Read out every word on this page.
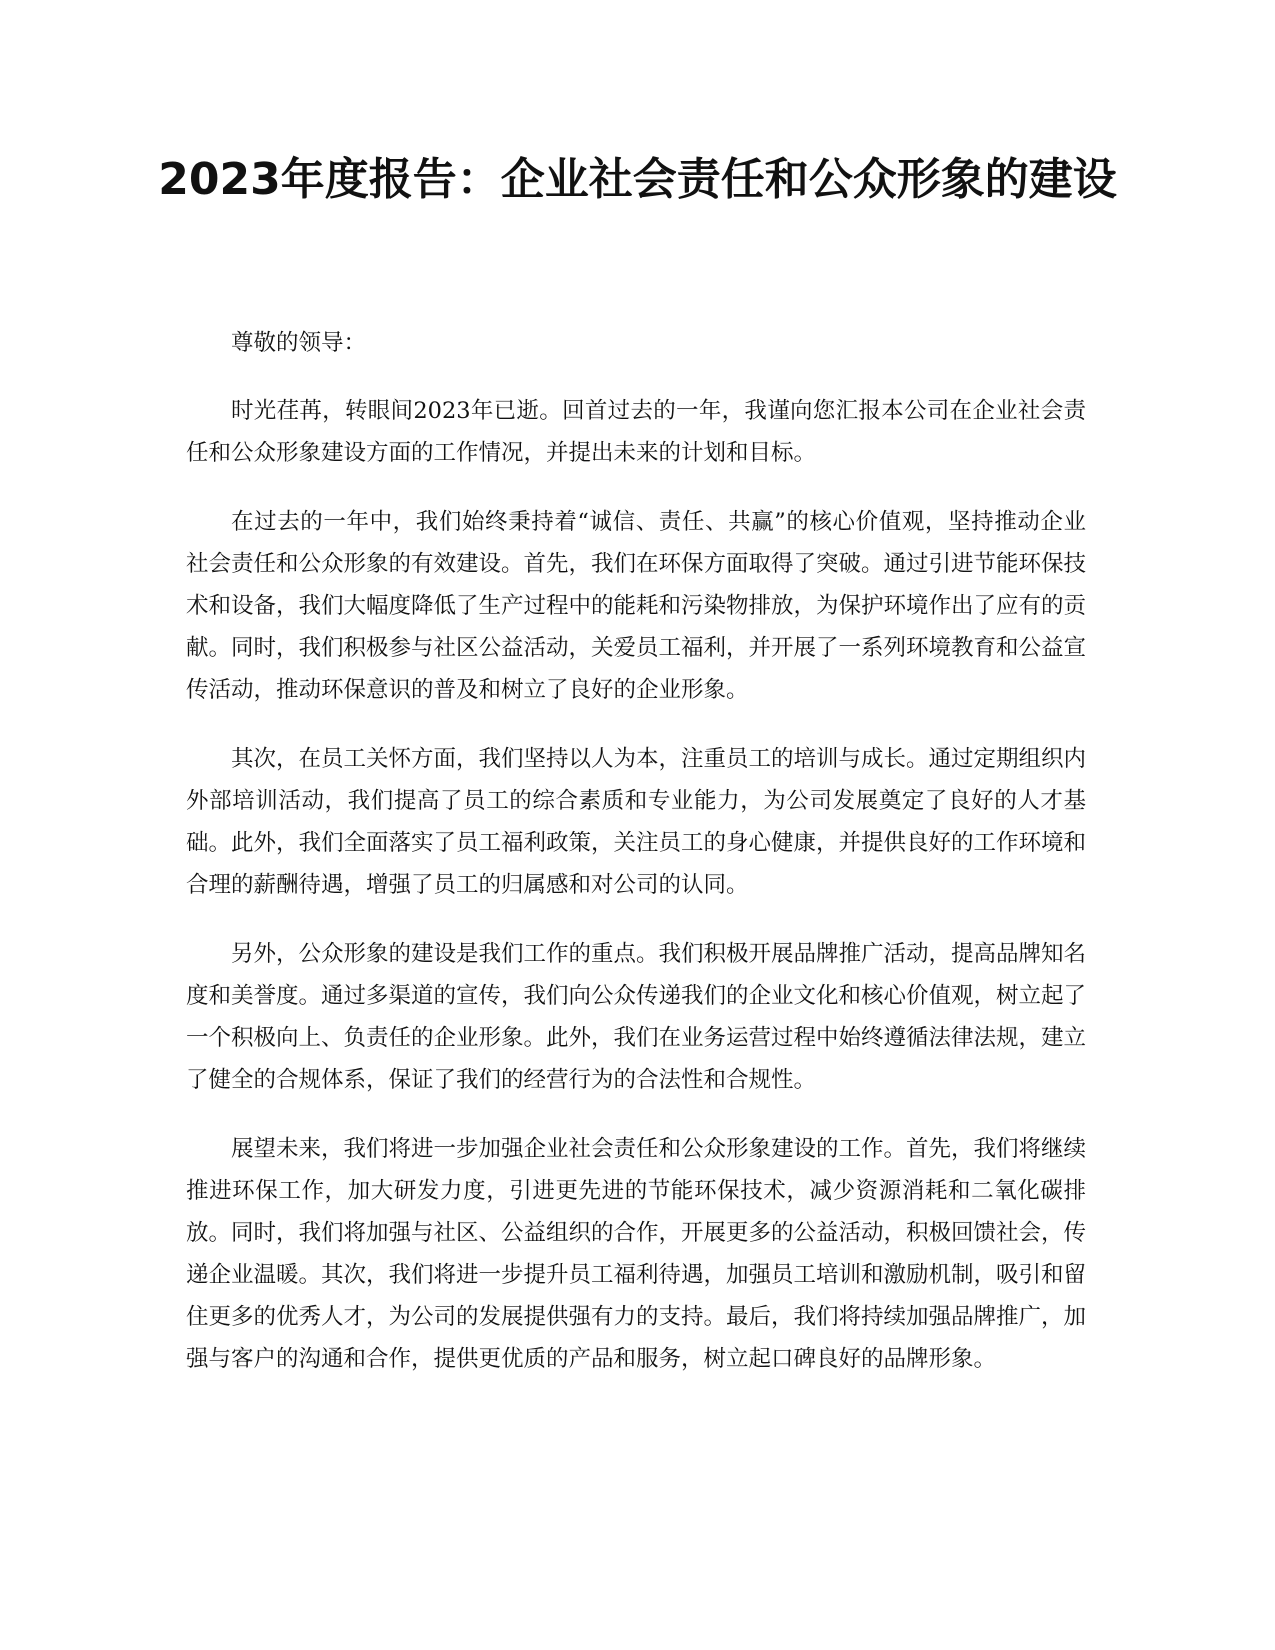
2023年度报告：企业社会责任和公众形象的建设

尊敬的领导：

时光荏苒，转眼间2023年已逝。回首过去的一年，我谨向您汇报本公司在企业社会责任和公众形象建设方面的工作情况，并提出未来的计划和目标。

在过去的一年中，我们始终秉持着“诚信、责任、共赢”的核心价值观，坚持推动企业社会责任和公众形象的有效建设。首先，我们在环保方面取得了突破。通过引进节能环保技术和设备，我们大幅度降低了生产过程中的能耗和污染物排放，为保护环境作出了应有的贡献。同时，我们积极参与社区公益活动，关爱员工福利，并开展了一系列环境教育和公益宣传活动，推动环保意识的普及和树立了良好的企业形象。

其次，在员工关怀方面，我们坚持以人为本，注重员工的培训与成长。通过定期组织内外部培训活动，我们提高了员工的综合素质和专业能力，为公司发展奠定了良好的人才基础。此外，我们全面落实了员工福利政策，关注员工的身心健康，并提供良好的工作环境和合理的薪酬待遇，增强了员工的归属感和对公司的认同。

另外，公众形象的建设是我们工作的重点。我们积极开展品牌推广活动，提高品牌知名度和美誉度。通过多渠道的宣传，我们向公众传递我们的企业文化和核心价值观，树立起了一个积极向上、负责任的企业形象。此外，我们在业务运营过程中始终遵循法律法规，建立了健全的合规体系，保证了我们的经营行为的合法性和合规性。

展望未来，我们将进一步加强企业社会责任和公众形象建设的工作。首先，我们将继续推进环保工作，加大研发力度，引进更先进的节能环保技术，减少资源消耗和二氧化碳排放。同时，我们将加强与社区、公益组织的合作，开展更多的公益活动，积极回馈社会，传递企业温暖。其次，我们将进一步提升员工福利待遇，加强员工培训和激励机制，吸引和留住更多的优秀人才，为公司的发展提供强有力的支持。最后，我们将持续加强品牌推广，加强与客户的沟通和合作，提供更优质的产品和服务，树立起口碑良好的品牌形象。
